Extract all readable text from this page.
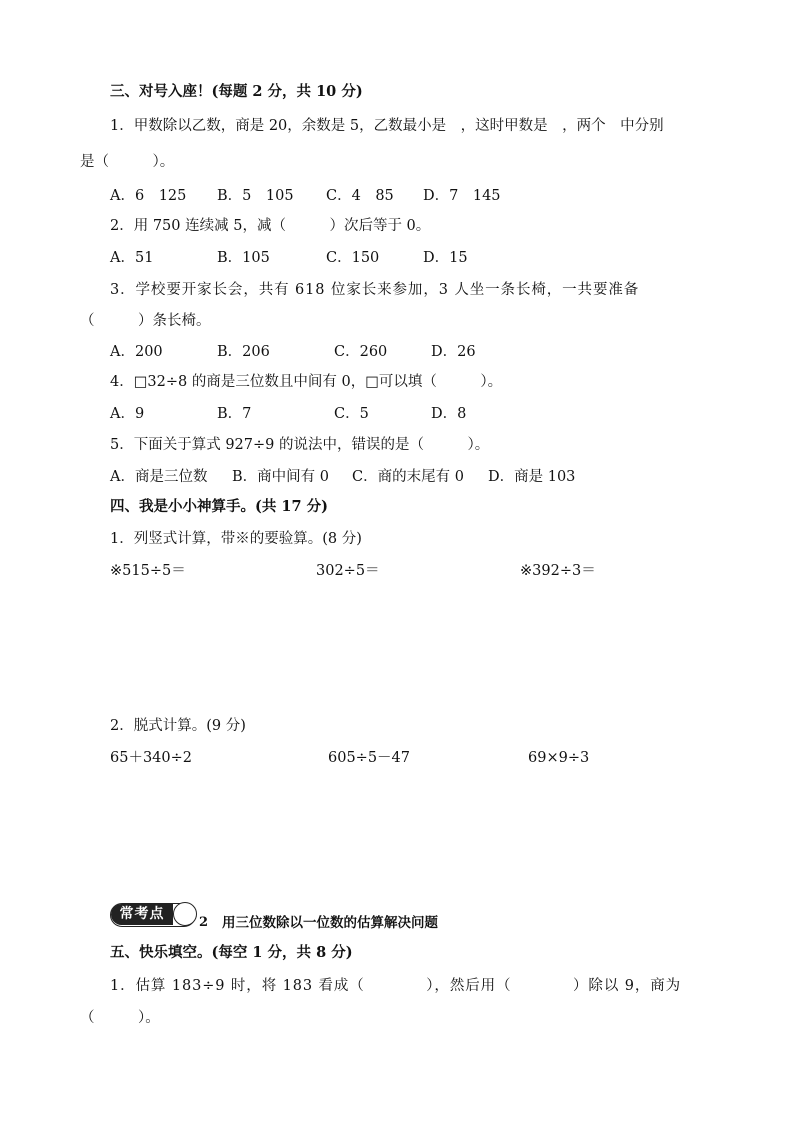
三、对号入座！(每题 2 分，共 10 分)
1．甲数除以乙数，商是 20，余数是 5，乙数最小是　，这时甲数是　，两个　中分别
是（　　　）。
A．6　125 B．5　105 C．4　85 D．7　145
2．用 750 连续减 5，减（　　　）次后等于 0。
A．51	B．105	C．150	D．15
3．学校要开家长会，共有 618 位家长来参加，3 人坐一条长椅，一共要准备
（　　　）条长椅。
A．200	B．206	C．260	D．26
4．□32÷8 的商是三位数且中间有 0，□可以填（　　　）。
A．9	B．7	C．5	D．8
5．下面关于算式 927÷9 的说法中，错误的是（　　　）。
A．商是三位数 B．商中间有 0 C．商的末尾有 0 D．商是 103
四、我是小小神算手。(共 17 分)
1．列竖式计算，带※的要验算。(8 分)
※515÷5＝	302÷5＝	※392÷3＝
2．脱式计算。(9 分)
65＋340÷2	605÷5－47	69×9÷3
常考点
2 用三位数除以一位数的估算解决问题
五、快乐填空。(每空 1 分，共 8 分)
1．估算 183÷9 时，将 183 看成（　　　　），然后用（　　　　）除以 9，商为
（　　　）。
